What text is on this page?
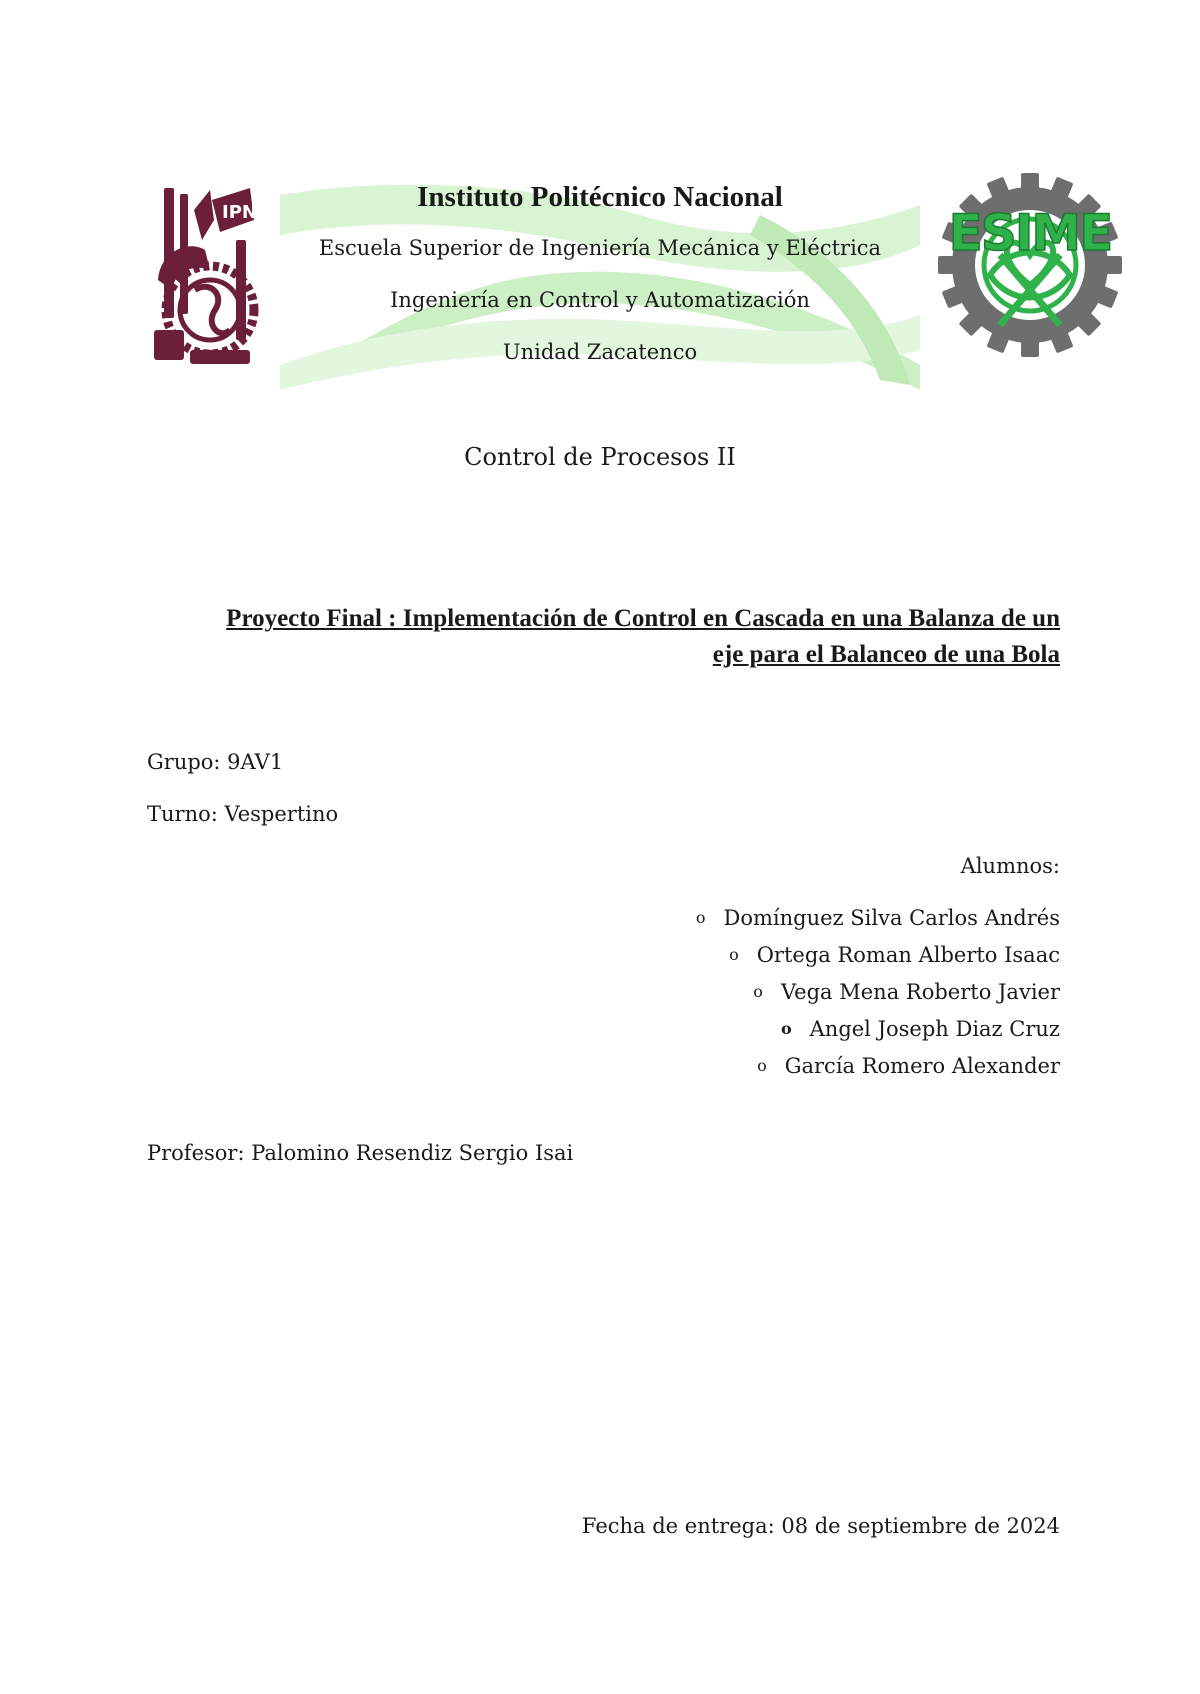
IPN	ESIME
Instituto Politécnico Nacional
Escuela Superior de Ingeniería Mecánica y Eléctrica
Ingeniería en Control y Automatización
Unidad Zacatenco
Control de Procesos II
Proyecto Final : Implementación de Control en Cascada en una Balanza de un
eje para el Balanceo de una Bola
Grupo: 9AV1
Turno: Vespertino
Alumnos:
o Domínguez Silva Carlos Andrés
o Ortega Roman Alberto Isaac
o Vega Mena Roberto Javier
o Angel Joseph Diaz Cruz
o García Romero Alexander
Profesor: Palomino Resendiz Sergio Isai
Fecha de entrega: 08 de septiembre de 2024
